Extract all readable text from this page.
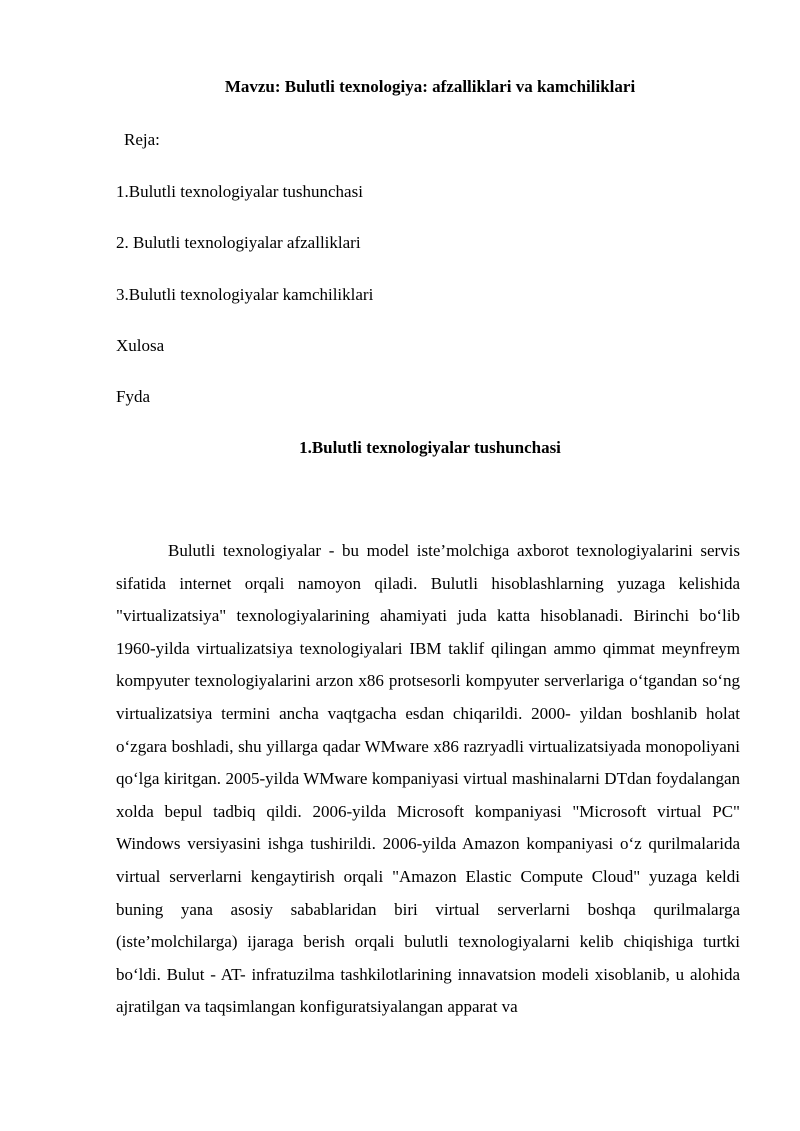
Mavzu: Bulutli texnologiya: afzalliklari va kamchiliklari
Reja:
1.Bulutli texnologiyalar tushunchasi
2. Bulutli texnologiyalar afzalliklari
3.Bulutli texnologiyalar kamchiliklari
Xulosa
Fyda
1.Bulutli texnologiyalar tushunchasi

Bulutli texnologiyalar - bu model iste’molchiga axborot texnologiyalarini servis sifatida internet orqali namoyon qiladi. Bulutli hisoblashlarning yuzaga kelishida "virtualizatsiya" texnologiyalarining ahamiyati juda katta hisoblanadi. Birinchi bo‘lib 1960-yilda virtualizatsiya texnologiyalari IBM taklif qilingan ammo qimmat meynfreym kompyuter texnologiyalarini arzon x86 protsesorli kompyuter serverlariga o‘tgandan so‘ng virtualizatsiya termini ancha vaqtgacha esdan chiqarildi. 2000- yildan boshlanib holat o‘zgara boshladi, shu yillarga qadar WMware x86 razryadli virtualizatsiyada monopoliyani qo‘lga kiritgan. 2005-yilda WMware kompaniyasi virtual mashinalarni DTdan foydalangan xolda bepul tadbiq qildi. 2006-yilda Microsoft kompaniyasi "Microsoft virtual PC" Windows versiyasini ishga tushirildi. 2006-yilda Amazon kompaniyasi o‘z qurilmalarida virtual serverlarni kengaytirish orqali "Amazon Elastic Compute Cloud" yuzaga keldi buning yana asosiy sabablaridan biri virtual serverlarni boshqa qurilmalarga (iste’molchilarga) ijaraga berish orqali bulutli texnologiyalarni kelib chiqishiga turtki bo‘ldi. Bulut - AT- infratuzilma tashkilotlarining innavatsion modeli xisoblanib, u alohida ajratilgan va taqsimlangan konfiguratsiyalangan apparat va
